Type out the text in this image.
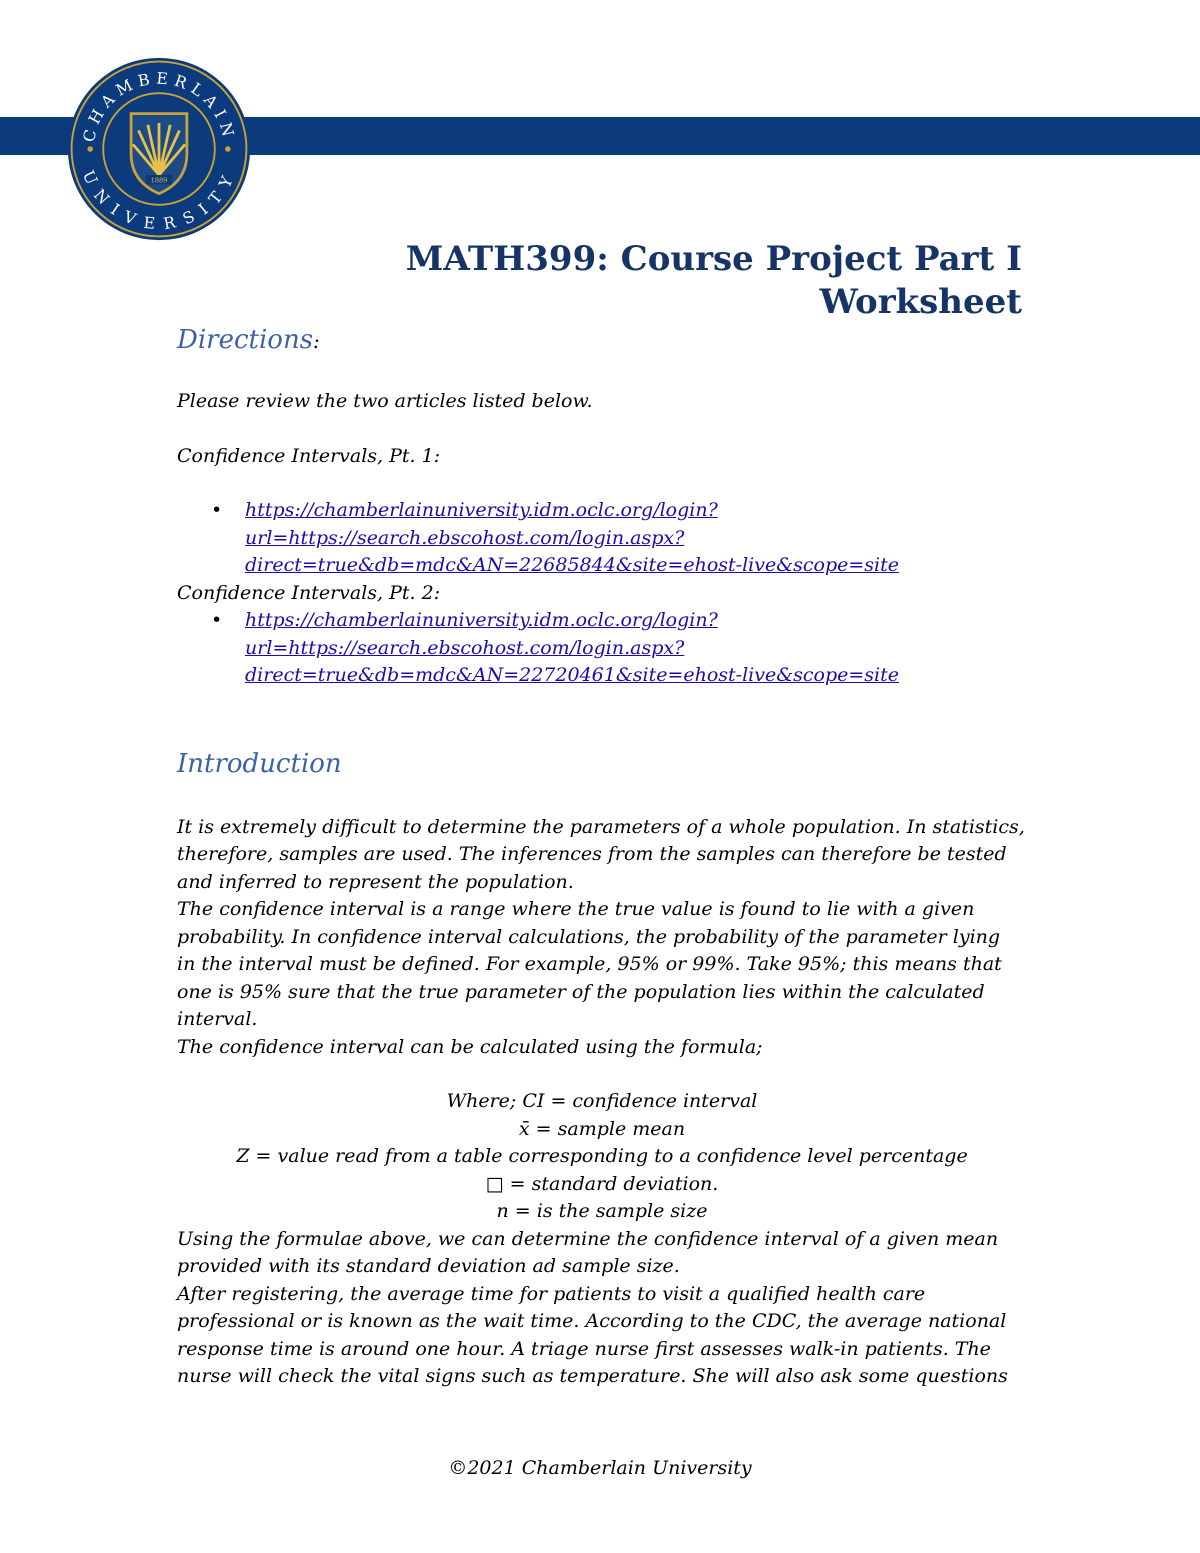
CHAMBERLAIN
UNIVERSITY
1889
MATH399: Course Project Part I
Worksheet
Directions:

Please review the two articles listed below.

Confidence Intervals, Pt. 1:

• https://chamberlainuniversity.idm.oclc.org/login?
url=https://search.ebscohost.com/login.aspx?
direct=true&db=mdc&AN=22685844&site=ehost-live&scope=site

Confidence Intervals, Pt. 2:

• https://chamberlainuniversity.idm.oclc.org/login?
url=https://search.ebscohost.com/login.aspx?
direct=true&db=mdc&AN=22720461&site=ehost-live&scope=site
Introduction
It is extremely difficult to determine the parameters of a whole population. In statistics,
therefore, samples are used. The inferences from the samples can therefore be tested
and inferred to represent the population.
The confidence interval is a range where the true value is found to lie with a given
probability. In confidence interval calculations, the probability of the parameter lying
in the interval must be defined. For example, 95% or 99%. Take 95%; this means that
one is 95% sure that the true parameter of the population lies within the calculated
interval.

The confidence interval can be calculated using the formula;

Where; CI = confidence interval
x̄ = sample mean
Z = value read from a table corresponding to a confidence level percentage
□ = standard deviation.
n = is the sample size
Using the formulae above, we can determine the confidence interval of a given mean
provided with its standard deviation ad sample size.
After registering, the average time for patients to visit a qualified health care
professional or is known as the wait time. According to the CDC, the average national
response time is around one hour. A triage nurse first assesses walk-in patients. The
nurse will check the vital signs such as temperature. She will also ask some questions
©2021 Chamberlain University
